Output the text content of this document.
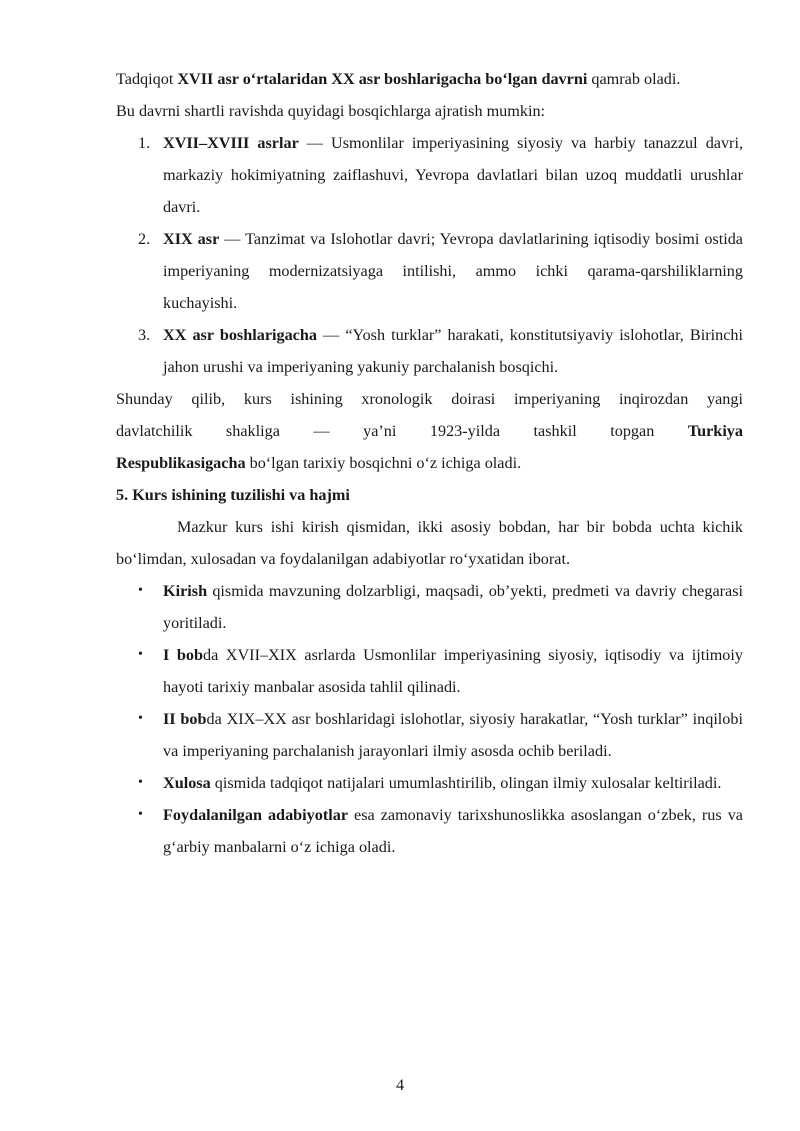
Tadqiqot XVII asr o‘rtalaridan XX asr boshlarigacha bo‘lgan davrni qamrab oladi.

Bu davrni shartli ravishda quyidagi bosqichlarga ajratish mumkin:

1. XVII–XVIII asrlar — Usmonlilar imperiyasining siyosiy va harbiy tanazzul davri, markaziy hokimiyatning zaiflashuvi, Yevropa davlatlari bilan uzoq muddatli urushlar davri.
2. XIX asr — Tanzimat va Islohotlar davri; Yevropa davlatlarining iqtisodiy bosimi ostida imperiyaning modernizatsiyaga intilishi, ammo ichki qarama-qarshiliklarning kuchayishi.
3. XX asr boshlarigacha — “Yosh turklar” harakati, konstitutsiyaviy islohotlar, Birinchi jahon urushi va imperiyaning yakuniy parchalanish bosqichi.

Shunday qilib, kurs ishining xronologik doirasi imperiyaning inqirozdan yangi

davlatchilik shakliga — ya’ni 1923-yilda tashkil topgan Turkiya

Respublikasigacha bo‘lgan tarixiy bosqichni o‘z ichiga oladi.

5. Kurs ishining tuzilishi va hajmi

Mazkur kurs ishi kirish qismidan, ikki asosiy bobdan, har bir bobda uchta kichik bo‘limdan, xulosadan va foydalanilgan adabiyotlar ro‘yxatidan iborat.

• Kirish qismida mavzuning dolzarbligi, maqsadi, ob’yekti, predmeti va davriy chegarasi yoritiladi.
• I bobda XVII–XIX asrlarda Usmonlilar imperiyasining siyosiy, iqtisodiy va ijtimoiy hayoti tarixiy manbalar asosida tahlil qilinadi.
• II bobda XIX–XX asr boshlaridagi islohotlar, siyosiy harakatlar, “Yosh turklar” inqilobi va imperiyaning parchalanish jarayonlari ilmiy asosda ochib beriladi.
• Xulosa qismida tadqiqot natijalari umumlashtirilib, olingan ilmiy xulosalar keltiriladi.
• Foydalanilgan adabiyotlar esa zamonaviy tarixshunoslikka asoslangan o‘zbek, rus va g‘arbiy manbalarni o‘z ichiga oladi.
4
